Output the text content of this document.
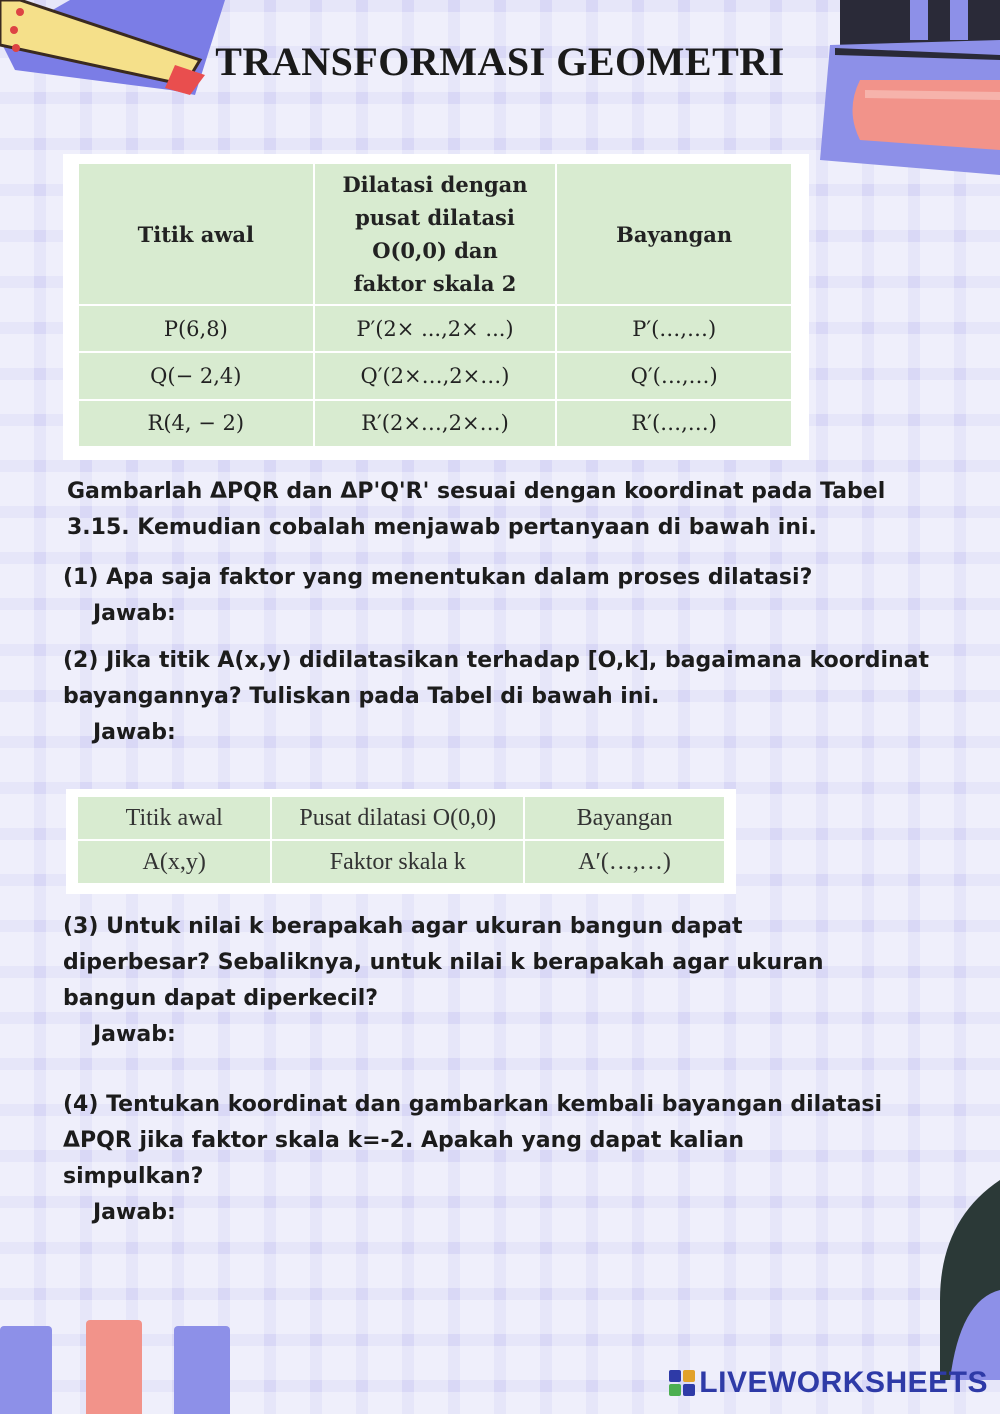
TRANSFORMASI GEOMETRI
Titik awal	Dilatasi dengan pusat dilatasi O(0,0) dan faktor skala 2	Bayangan
P(6,8)	P′(2× ...,2× ...)	P′(…,…)
Q(− 2,4)	Q′(2×…,2×…)	Q′(…,…)
R(4, − 2)	R′(2×…,2×…)	R′(…,…)

Gambarlah ΔPQR dan ΔP'Q'R' sesuai dengan koordinat pada Tabel 3.15. Kemudian cobalah menjawab pertanyaan di bawah ini.

(1) Apa saja faktor yang menentukan dalam proses dilatasi?

Jawab:

(2) Jika titik A(x,y) didilatasikan terhadap [O,k], bagaimana koordinat bayangannya? Tuliskan pada Tabel di bawah ini.

Jawab:

Titik awal	Pusat dilatasi O(0,0)	Bayangan
A(x,y)	Faktor skala k	A′(…,…)

(3) Untuk nilai k berapakah agar ukuran bangun dapat diperbesar? Sebaliknya, untuk nilai k berapakah agar ukuran bangun dapat diperkecil?

Jawab:

(4) Tentukan koordinat dan gambarkan kembali bayangan dilatasi ΔPQR jika faktor skala k=-2. Apakah yang dapat kalian simpulkan?

Jawab:

LIVEWORKSHEETS
